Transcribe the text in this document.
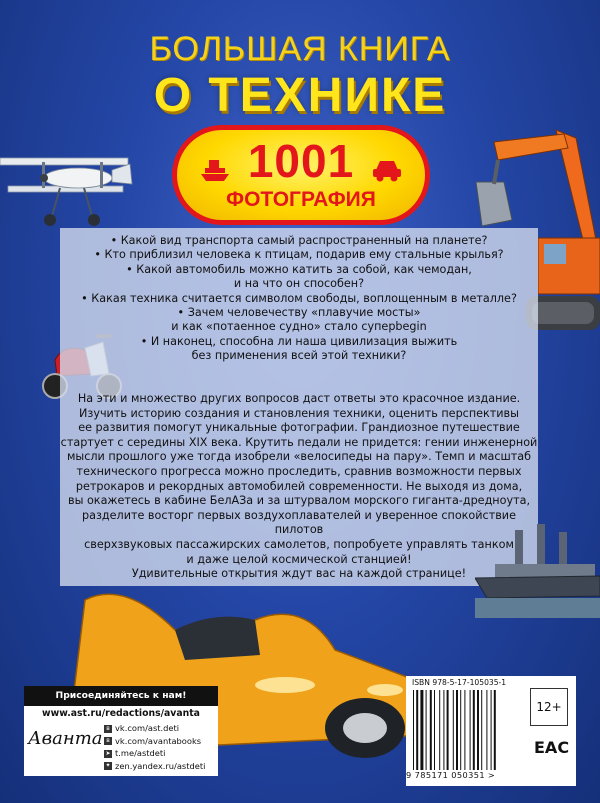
БОЛЬШАЯ КНИГА
О ТЕХНИКЕ
1001
ФОТОГРАФИЯ

• Какой вид транспорта самый распространенный на планете?

• Кто приблизил человека к птицам, подарив ему стальные крылья?

• Какой автомобиль можно катить за собой, как чемодан,

и на что он способен?

• Какая техника считается символом свободы, воплощенным в металле?

• Зачем человечеству «плавучие мосты»

и как «потаенное судно» стало суперbegin

• И наконец, способна ли наша цивилизация выжить

без применения всей этой техники?

На эти и множество других вопросов даст ответы это красочное издание.

Изучить историю создания и становления техники, оценить перспективы

ее развития помогут уникальные фотографии. Грандиозное путешествие

стартует с середины XIX века. Крутить педали не придется: гении инженерной

мысли прошлого уже тогда изобрели «велосипеды на пару». Темп и масштаб

технического прогресса можно проследить, сравнив возможности первых

ретрокаров и рекордных автомобилей современности. Не выходя из дома,

вы окажетесь в кабине БелАЗа и за штурвалом морского гиганта-дредноута,

разделите восторг первых воздухоплавателей и уверенное спокойствие пилотов

сверхзвуковых пассажирских самолетов, попробуете управлять танком

и даже целой космической станцией!

Удивительные открытия ждут вас на каждой странице!

Присоединяйтесь к нам!
www.ast.ru/redactions/avanta
Аванта в vk.com/ast.deti
в vk.com/avantabooks
➤ t.me/astdeti
✦ zen.yandex.ru/astdeti
ISBN 978-5-17-105035-1
9 785171 050351 >
12+
ЕАС
